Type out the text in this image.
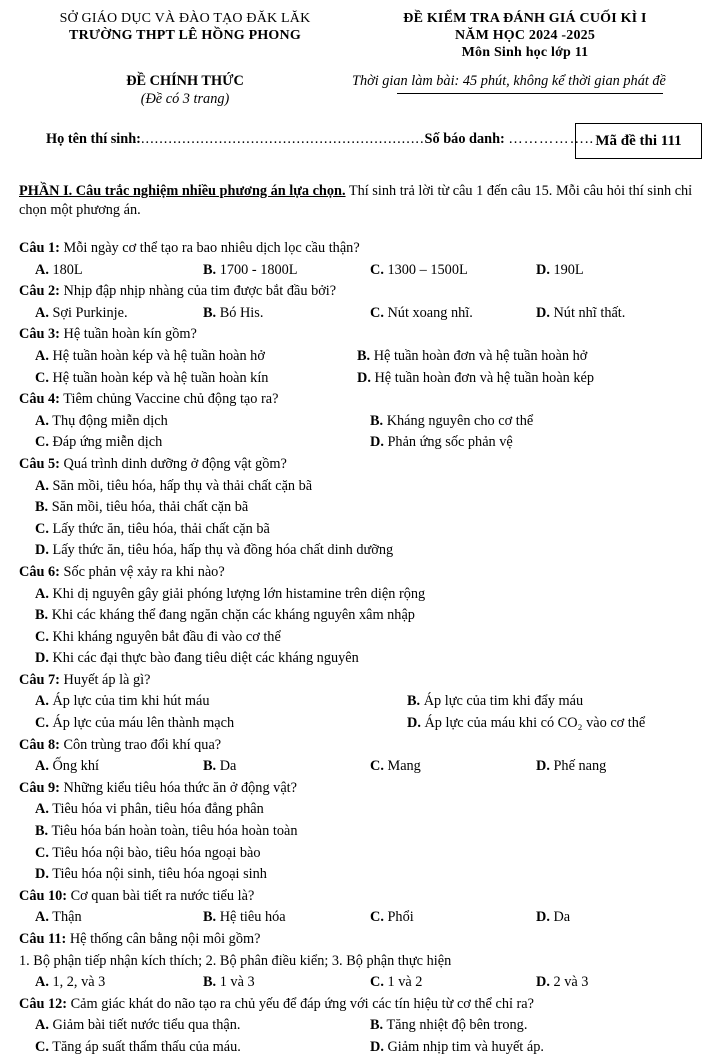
SỞ GIÁO DỤC VÀ ĐÀO TẠO ĐĂK LĂK
TRƯỜNG THPT LÊ HỒNG PHONG
ĐỀ KIỂM TRA ĐÁNH GIÁ CUỐI KÌ I
NĂM HỌC 2024 -2025
Môn Sinh học lớp 11
ĐỀ CHÍNH THỨC
(Đề có 3 trang)
Thời gian làm bài: 45 phút, không kể thời gian phát đề
Họ tên thí sinh:..............................................................Số báo danh: …………….. Mã đề thi 111
PHẦN I. Câu trắc nghiệm nhiều phương án lựa chọn. Thí sinh trả lời từ câu 1 đến câu 15. Mỗi câu hỏi thí sinh chỉ chọn một phương án.
Câu 1: Mỗi ngày cơ thể tạo ra bao nhiêu dịch lọc cầu thận?
A. 180L	B. 1700 - 1800L	C. 1300 – 1500L	D. 190L
Câu 2: Nhịp đập nhịp nhàng của tim được bắt đầu bởi?
A. Sợi Purkinje.	B. Bó His.	C. Nút xoang nhĩ.	D. Nút nhĩ thất.
Câu 3: Hệ tuần hoàn kín gồm?
A. Hệ tuần hoàn kép và hệ tuần hoàn hở	B. Hệ tuần hoàn đơn và hệ tuần hoàn hở
C. Hệ tuần hoàn kép và hệ tuần hoàn kín	D. Hệ tuần hoàn đơn và hệ tuần hoàn kép
Câu 4: Tiêm chủng Vaccine chủ động tạo ra?
A. Thụ động miễn dịch	B. Kháng nguyên cho cơ thể
C. Đáp ứng miễn dịch	D. Phản ứng sốc phản vệ
Câu 5: Quá trình dinh dưỡng ở động vật gồm?
A. Săn mồi, tiêu hóa, hấp thụ và thải chất cặn bã
B. Săn mồi, tiêu hóa, thải chất cặn bã
C. Lấy thức ăn, tiêu hóa, thải chất cặn bã
D. Lấy thức ăn, tiêu hóa, hấp thụ và đồng hóa chất dinh dưỡng
Câu 6: Sốc phản vệ xảy ra khi nào?
A. Khi dị nguyên gây giải phóng lượng lớn histamine trên diện rộng
B. Khi các kháng thể đang ngăn chặn các kháng nguyên xâm nhập
C. Khi kháng nguyên bắt đầu đi vào cơ thể
D. Khi các đại thực bào đang tiêu diệt các kháng nguyên
Câu 7: Huyết áp là gì?
A. Áp lực của tim khi hút máu	B. Áp lực của tim khi đẩy máu
C. Áp lực của máu lên thành mạch	D. Áp lực của máu khi có CO₂ vào cơ thể
Câu 8: Côn trùng trao đổi khí qua?
A. Ống khí	B. Da	C. Mang	D. Phế nang
Câu 9: Những kiểu tiêu hóa thức ăn ở động vật?
A. Tiêu hóa vi phân, tiêu hóa đẳng phân
B. Tiêu hóa bán hoàn toàn, tiêu hóa hoàn toàn
C. Tiêu hóa nội bào, tiêu hóa ngoại bào
D. Tiêu hóa nội sinh, tiêu hóa ngoại sinh
Câu 10: Cơ quan bài tiết ra nước tiểu là?
A. Thận	B. Hệ tiêu hóa	C. Phổi	D. Da
Câu 11: Hệ thống cân bằng nội môi gồm?
1. Bộ phận tiếp nhận kích thích; 2. Bộ phân điều kiển; 3. Bộ phận thực hiện
A. 1, 2, và 3	B. 1 và 3	C. 1 và 2	D. 2 và 3
Câu 12: Cảm giác khát do não tạo ra chủ yếu để đáp ứng với các tín hiệu từ cơ thể chỉ ra?
A. Giảm bài tiết nước tiểu qua thận.	B. Tăng nhiệt độ bên trong.
C. Tăng áp suất thẩm thấu của máu.	D. Giảm nhịp tim và huyết áp.
